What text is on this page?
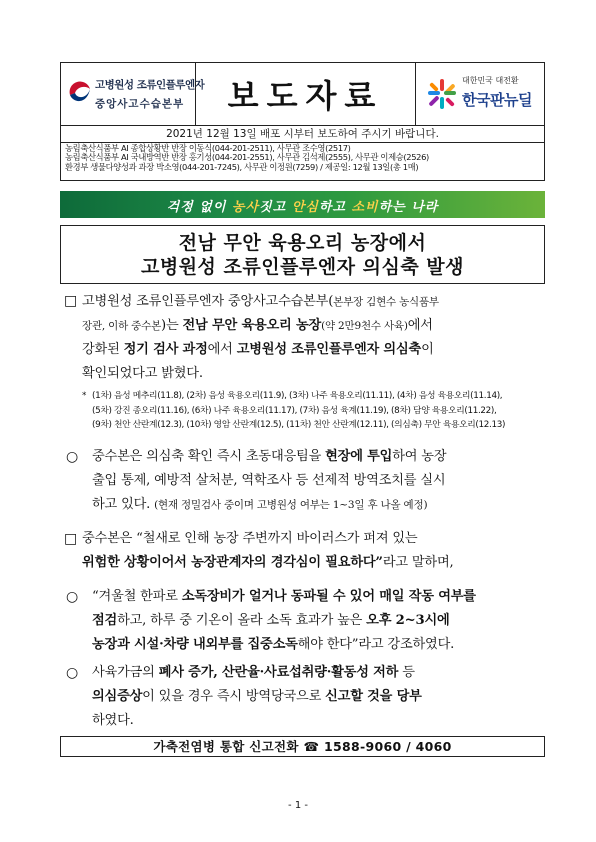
고병원성 조류인플루엔자
중앙사고수습본부 보도자료	대한민국 대전환
한국판뉴딜
2021년 12월 13일 배포 시부터 보도하여 주시기 바랍니다.
농림축산식품부 AI 종합상황반 반장 이동식(044-201-2511), 사무관 조수영(2517)
농림축산식품부 AI 국내방역반 반장 홍기성(044-201-2551), 사무관 김석제(2555), 사무관 이제승(2526)
환경부 생물다양성과 과장 박소영(044-201-7245), 사무관 이정원(7259) / 제공일: 12월 13일(총 1매)
걱정 없이 농사짓고 안심하고 소비하는 나라
전남 무안 육용오리 농장에서
고병원성 조류인플루엔자 의심축 발생
□ 고병원성 조류인플루엔자 중앙사고수습본부(본부장 김현수 농식품부
장관, 이하 중수본)는 전남 무안 육용오리 농장(약 2만9천수 사육)에서
강화된 정기 검사 과정에서 고병원성 조류인플루엔자 의심축이
확인되었다고 밝혔다.
* (1차) 음성 메추리(11.8), (2차) 음성 육용오리(11.9), (3차) 나주 육용오리(11.11), (4차) 음성 육용오리(11.14),
(5차) 강진 종오리(11.16), (6차) 나주 육용오리(11.17), (7차) 음성 육계(11.19), (8차) 담양 육용오리(11.22),
(9차) 천안 산란계(12.3), (10차) 영암 산란계(12.5), (11차) 천안 산란계(12.11), (의심축) 무안 육용오리(12.13)
○ 중수본은 의심축 확인 즉시 초동대응팀을 현장에 투입하여 농장
출입 통제, 예방적 살처분, 역학조사 등 선제적 방역조치를 실시
하고 있다. (현재 정밀검사 중이며 고병원성 여부는 1~3일 후 나올 예정)
□ 중수본은 “철새로 인해 농장 주변까지 바이러스가 퍼져 있는
위험한 상황이어서 농장관계자의 경각심이 필요하다”라고 말하며,
○ “겨울철 한파로 소독장비가 얼거나 동파될 수 있어 매일 작동 여부를
점검하고, 하루 중 기온이 올라 소독 효과가 높은 오후 2~3시에
농장과 시설·차량 내외부를 집중소독해야 한다”라고 강조하였다.
○ 사육가금의 폐사 증가, 산란율·사료섭취량·활동성 저하 등
의심증상이 있을 경우 즉시 방역당국으로 신고할 것을 당부
하였다.
가축전염병 통합 신고전화 ☎ 1588-9060 / 4060
- 1 -
